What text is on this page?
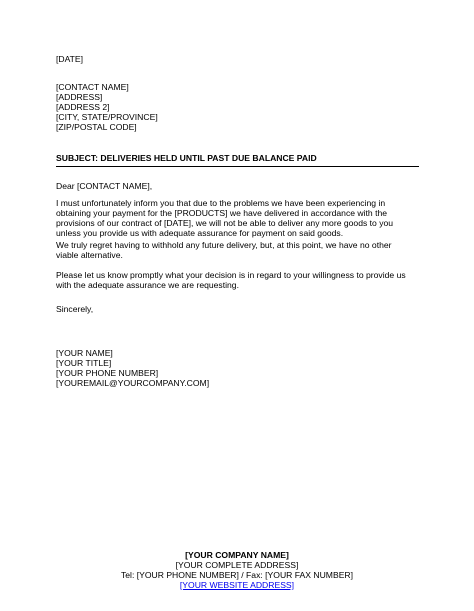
[DATE]
[CONTACT NAME]
[ADDRESS]
[ADDRESS 2]
[CITY, STATE/PROVINCE]
[ZIP/POSTAL CODE]
SUBJECT: DELIVERIES HELD UNTIL PAST DUE BALANCE PAID
Dear [CONTACT NAME],
I must unfortunately inform you that due to the problems we have been experiencing in obtaining your payment for the [PRODUCTS] we have delivered in accordance with the provisions of our contract of [DATE], we will not be able to deliver any more goods to you unless you provide us with adequate assurance for payment on said goods.
We truly regret having to withhold any future delivery, but, at this point, we have no other viable alternative.
Please let us know promptly what your decision is in regard to your willingness to provide us with the adequate assurance we are requesting.
Sincerely,
[YOUR NAME]
[YOUR TITLE]
[YOUR PHONE NUMBER]
[YOUREMAIL@YOURCOMPANY.COM]
[YOUR COMPANY NAME]
[YOUR COMPLETE ADDRESS]
Tel: [YOUR PHONE NUMBER] / Fax: [YOUR FAX NUMBER]
[YOUR WEBSITE ADDRESS]
